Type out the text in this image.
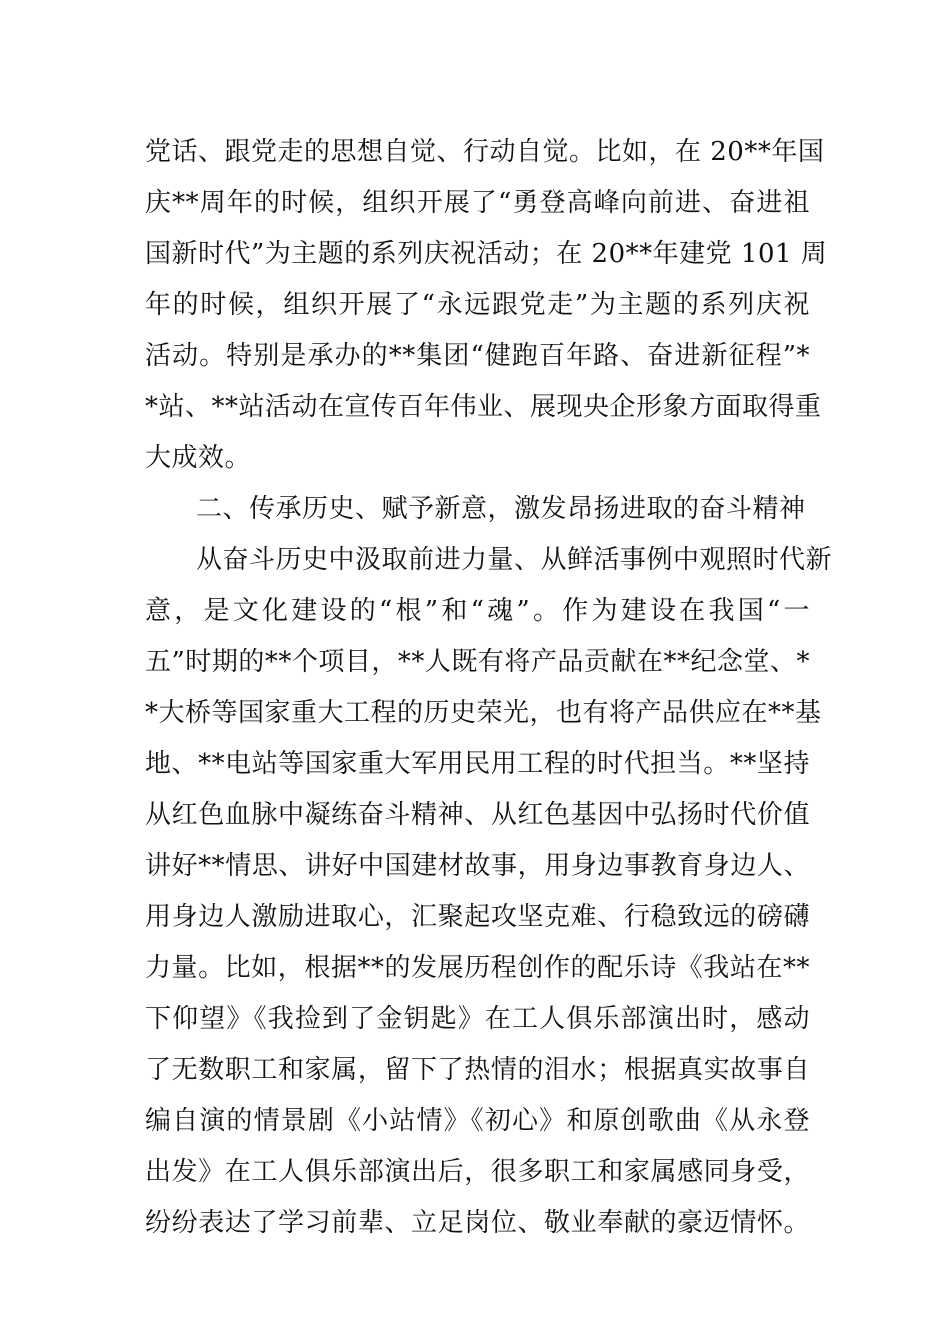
党话、跟党走的思想自觉、行动自觉。比如，在 20**年国
庆**周年的时候，组织开展了“勇登高峰向前进、奋进祖
国新时代”为主题的系列庆祝活动；在 20**年建党 101 周
年的时候，组织开展了“永远跟党走”为主题的系列庆祝
活动。特别是承办的**集团“健跑百年路、奋进新征程”*
*站、**站活动在宣传百年伟业、展现央企形象方面取得重
大成效。
二、传承历史、赋予新意，激发昂扬进取的奋斗精神
从奋斗历史中汲取前进力量、从鲜活事例中观照时代新
意，是文化建设的“根”和“魂”。作为建设在我国“一
五”时期的**个项目，**人既有将产品贡献在**纪念堂、*
*大桥等国家重大工程的历史荣光，也有将产品供应在**基
地、**电站等国家重大军用民用工程的时代担当。**坚持
从红色血脉中凝练奋斗精神、从红色基因中弘扬时代价值
讲好**情思、讲好中国建材故事，用身边事教育身边人、
用身边人激励进取心，汇聚起攻坚克难、行稳致远的磅礴
力量。比如，根据**的发展历程创作的配乐诗《我站在**
下仰望》《我捡到了金钥匙》在工人俱乐部演出时，感动
了无数职工和家属，留下了热情的泪水；根据真实故事自
编自演的情景剧《小站情》《初心》和原创歌曲《从永登
出发》在工人俱乐部演出后，很多职工和家属感同身受，
纷纷表达了学习前辈、立足岗位、敬业奉献的豪迈情怀。
